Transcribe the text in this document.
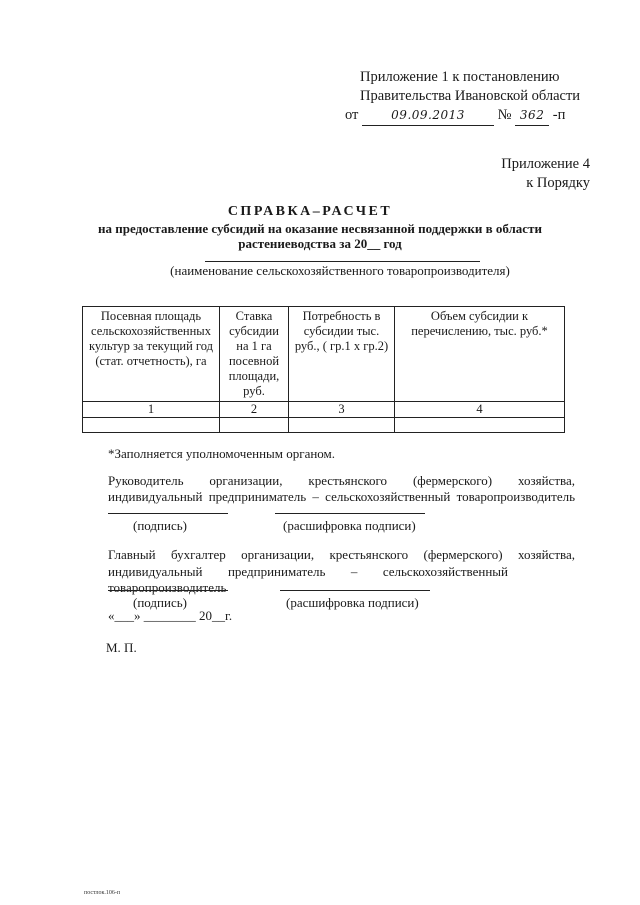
Приложение 1 к постановлению
Правительства Ивановской области
от	09.09.2013 № 362 -п
Приложение 4
к Порядку
СПРАВКА–РАСЧЕТ
на предоставление субсидий на оказание несвязанной поддержки в области
растениеводства за 20__ год
(наименование сельскохозяйственного товаропроизводителя)
Посевная площадь сельскохозяйственных культур за текущий год (стат. отчетность), га	Ставка субсидии на 1 га посевной площади, руб.	Потребность в субсидии тыс. руб., ( гр.1 х гр.2)	Объем субсидии к перечислению, тыс. руб.*
1	2	3	4

*Заполняется уполномоченным органом.
Руководитель организации, крестьянского (фермерского) хозяйства,
индивидуальный предприниматель – сельскохозяйственный товаропроизводитель
(подпись)	(расшифровка подписи)
Главный бухгалтер организации, крестьянского (фермерского) хозяйства,
индивидуальный предприниматель – сельскохозяйственный товаропроизводитель
(подпись)	(расшифровка подписи)
«___» ________ 20__г.
М. П.
постлок.106-п
